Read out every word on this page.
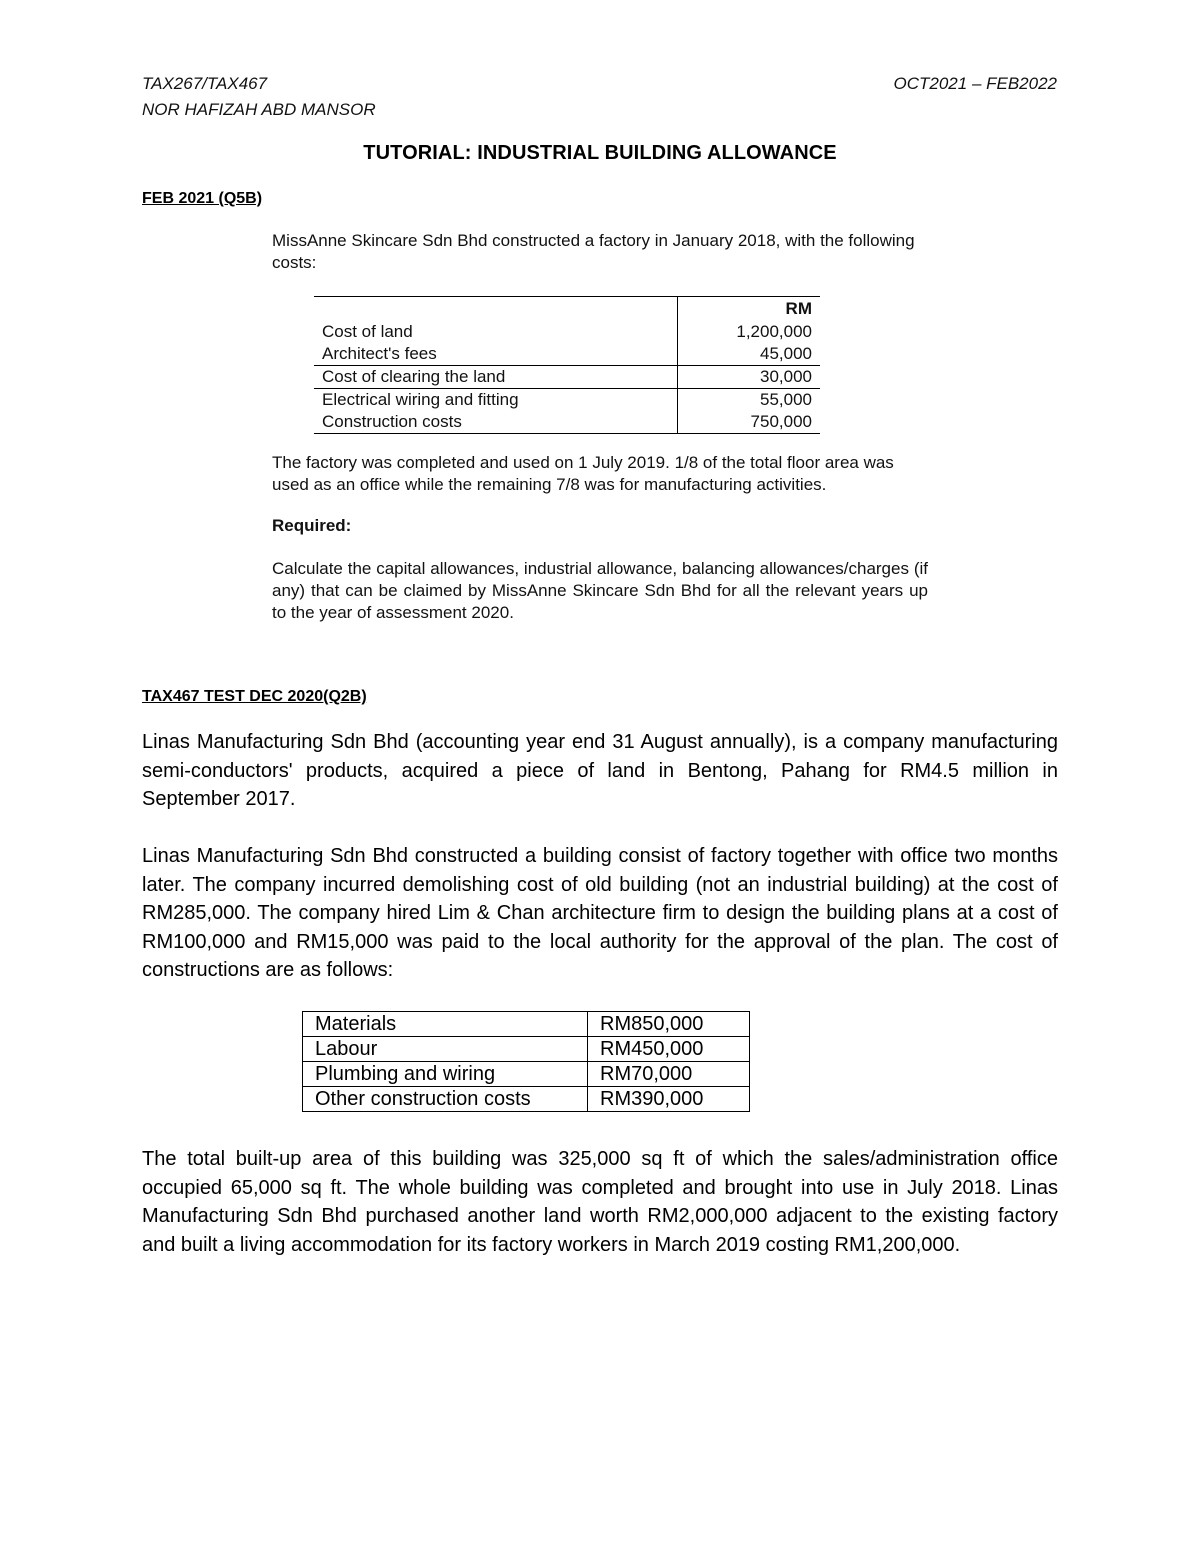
TAX267/TAX467
NOR HAFIZAH ABD MANSOR
OCT2021 – FEB2022
TUTORIAL: INDUSTRIAL BUILDING ALLOWANCE
FEB 2021 (Q5B)
MissAnne Skincare Sdn Bhd constructed a factory in January 2018, with the following costs:
	RM
Cost of land	1,200,000
Architect's fees	45,000
Cost of clearing the land	30,000
Electrical wiring and fitting	55,000
Construction costs	750,000
The factory was completed and used on 1 July 2019. 1/8 of the total floor area was used as an office while the remaining 7/8 was for manufacturing activities.
Required:
Calculate the capital allowances, industrial allowance, balancing allowances/charges (if any) that can be claimed by MissAnne Skincare Sdn Bhd for all the relevant years up to the year of assessment 2020.
TAX467 TEST DEC 2020(Q2B)
Linas Manufacturing Sdn Bhd (accounting year end 31 August annually), is a company manufacturing semi-conductors' products, acquired a piece of land in Bentong, Pahang for RM4.5 million in September 2017.
Linas Manufacturing Sdn Bhd constructed a building consist of factory together with office two months later. The company incurred demolishing cost of old building (not an industrial building) at the cost of RM285,000. The company hired Lim & Chan architecture firm to design the building plans at a cost of RM100,000 and RM15,000 was paid to the local authority for the approval of the plan. The cost of constructions are as follows:
Materials	RM850,000
Labour	RM450,000
Plumbing and wiring	RM70,000
Other construction costs	RM390,000
The total built-up area of this building was 325,000 sq ft of which the sales/administration office occupied 65,000 sq ft. The whole building was completed and brought into use in July 2018. Linas Manufacturing Sdn Bhd purchased another land worth RM2,000,000 adjacent to the existing factory and built a living accommodation for its factory workers in March 2019 costing RM1,200,000.
